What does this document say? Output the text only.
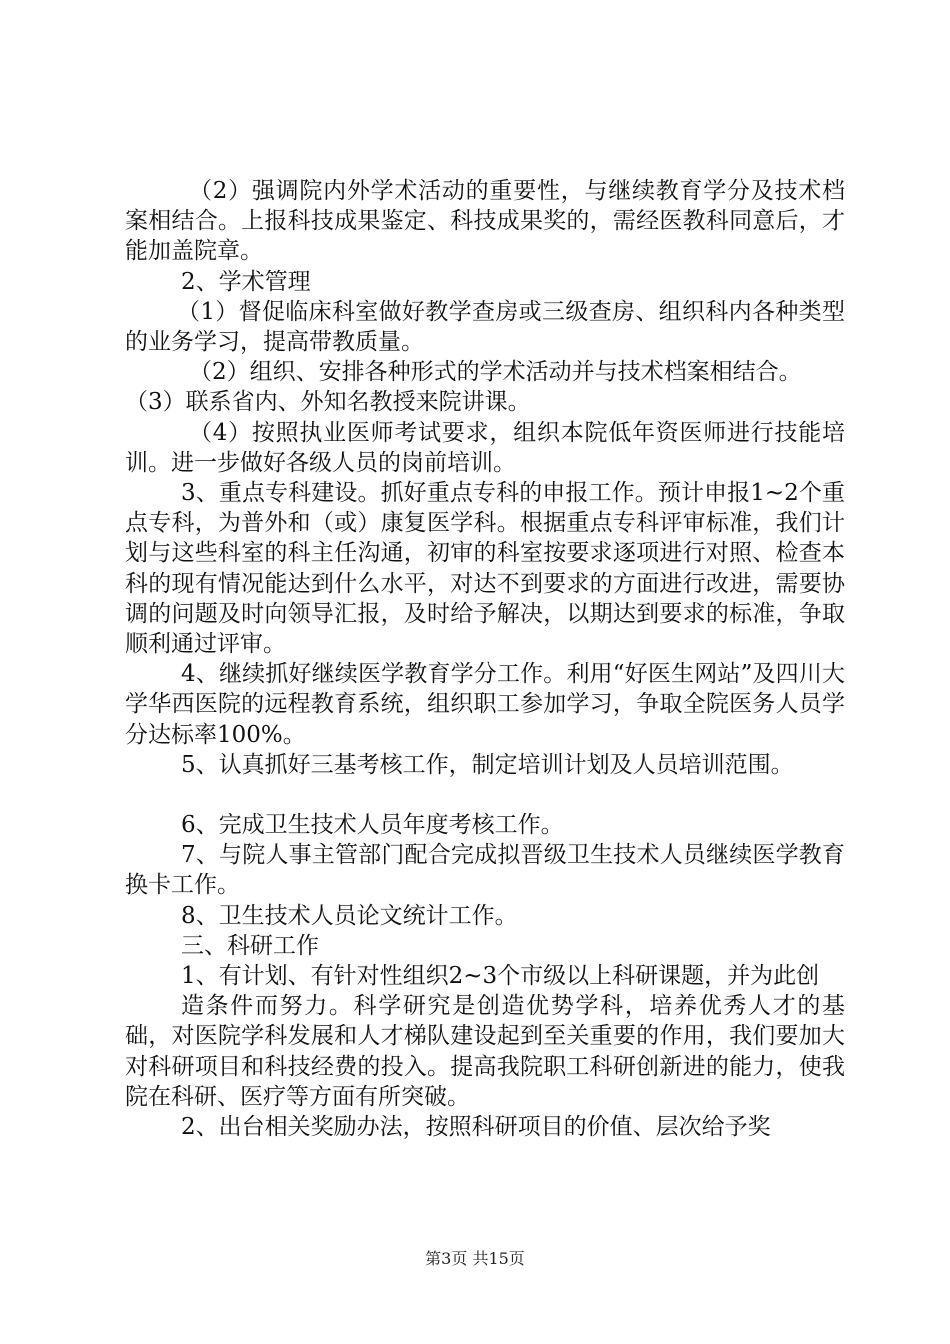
（2）强调院内外学术活动的重要性，与继续教育学分及技术档案相结合。上报科技成果鉴定、科技成果奖的，需经医教科同意后，才能加盖院章。

2、学术管理

（1）督促临床科室做好教学查房或三级查房、组织科内各种类型的业务学习，提高带教质量。

（2）组织、安排各种形式的学术活动并与技术档案相结合。

（3）联系省内、外知名教授来院讲课。

（4）按照执业医师考试要求，组织本院低年资医师进行技能培训。进一步做好各级人员的岗前培训。

3、重点专科建设。抓好重点专科的申报工作。预计申报1~2个重点专科，为普外和（或）康复医学科。根据重点专科评审标准，我们计划与这些科室的科主任沟通，初审的科室按要求逐项进行对照、检查本科的现有情况能达到什么水平，对达不到要求的方面进行改进，需要协调的问题及时向领导汇报，及时给予解决，以期达到要求的标准，争取顺利通过评审。

4、继续抓好继续医学教育学分工作。利用“好医生网站”及四川大学华西医院的远程教育系统，组织职工参加学习，争取全院医务人员学分达标率100%。

5、认真抓好三基考核工作，制定培训计划及人员培训范围。

6、完成卫生技术人员年度考核工作。

7、与院人事主管部门配合完成拟晋级卫生技术人员继续医学教育换卡工作。

8、卫生技术人员论文统计工作。

三、科研工作

1、有计划、有针对性组织2~3个市级以上科研课题，并为此创

造条件而努力。科学研究是创造优势学科，培养优秀人才的基础，对医院学科发展和人才梯队建设起到至关重要的作用，我们要加大对科研项目和科技经费的投入。提高我院职工科研创新进的能力，使我院在科研、医疗等方面有所突破。

2、出台相关奖励办法，按照科研项目的价值、层次给予奖

第3页 共15页
